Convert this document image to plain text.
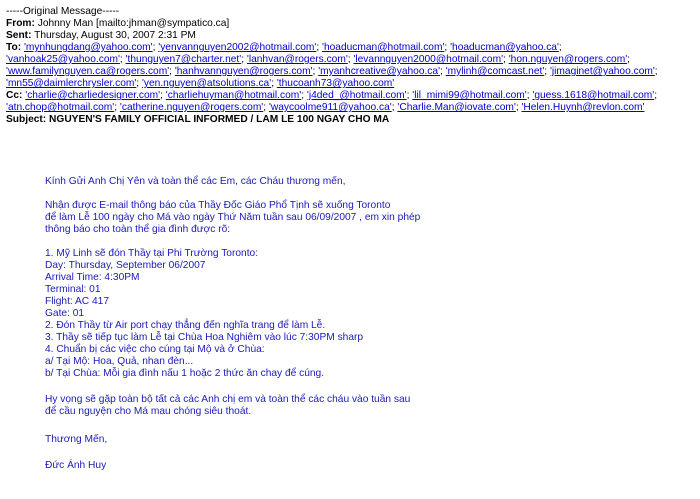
-----Original Message-----
From: Johnny Man [mailto:jhman@sympatico.ca]
Sent: Thursday, August 30, 2007 2:31 PM
To: 'mynhungdang@yahoo.com'; 'yenvannguyen2002@hotmail.com'; 'hoaducman@hotmail.com'; 'hoaducman@yahoo.ca';
'vanhoak25@yahoo.com'; 'thunguyen7@charter.net'; 'lanhvan@rogers.com'; 'levannguyen2000@hotmail.com'; 'hon.nguyen@rogers.com';
'www.familynguyen.ca@rogers.com'; 'hanhvannguyen@rogers.com'; 'myanhcreative@yahoo.ca'; 'mylinh@comcast.net'; 'jimaginet@yahoo.com';
'mn55@daimlerchrysler.com'; 'yen.nguyen@atsolutions.ca'; 'thucoanh73@yahoo.com'
Cc: 'charlie@charliedesigner.com'; 'charliehuyman@hotmail.com'; 'j4ded_@hotmail.com'; 'lil_mimi99@hotmail.com'; 'guess.1618@hotmail.com';
'atn.chop@hotmail.com'; 'catherine.nguyen@rogers.com'; 'waycoolme911@yahoo.ca'; 'Charlie.Man@iovate.com'; 'Helen.Huynh@revlon.com'
Subject: NGUYEN'S FAMILY OFFICIAL INFORMED / LAM LE 100 NGAY CHO MA
Kính Gửi Anh Chị Yên và toàn thể các Em, các Cháu thương mến,
Nhận được E-mail thông báo của Thầy Đốc Giáo Phổ Tịnh sẽ xuống Toronto
để làm Lễ 100 ngày cho Má vào ngày Thứ Năm tuần sau 06/09/2007 , em xin phép
thông báo cho toàn thể gia đình được rõ:
1. Mỹ Linh sẽ đón Thầy tại Phi Trường Toronto:
Day: Thursday, September 06/2007
Arrival Time: 4:30PM
Terminal: 01
Flight: AC 417
Gate: 01
2. Đón Thầy từ Air port chạy thẳng đến nghĩa trang để làm Lễ.
3. Thầy sẽ tiếp tục làm Lễ tại Chùa Hoa Nghiêm vào lúc 7:30PM sharp
4. Chuẩn bị các việc cho cúng tại Mộ và ở Chùa:
a/ Tại Mộ: Hoa, Quả, nhan đèn...
b/ Tại Chùa: Mỗi gia đình nấu 1 hoặc 2 thức ăn chay để cúng.
Hy vọng sẽ gặp toàn bộ tất cả các Anh chị em và toàn thể các cháu vào tuần sau
để cầu nguyện cho Má mau chóng siêu thoát.
Thương Mến,
Đức Ánh Huy
